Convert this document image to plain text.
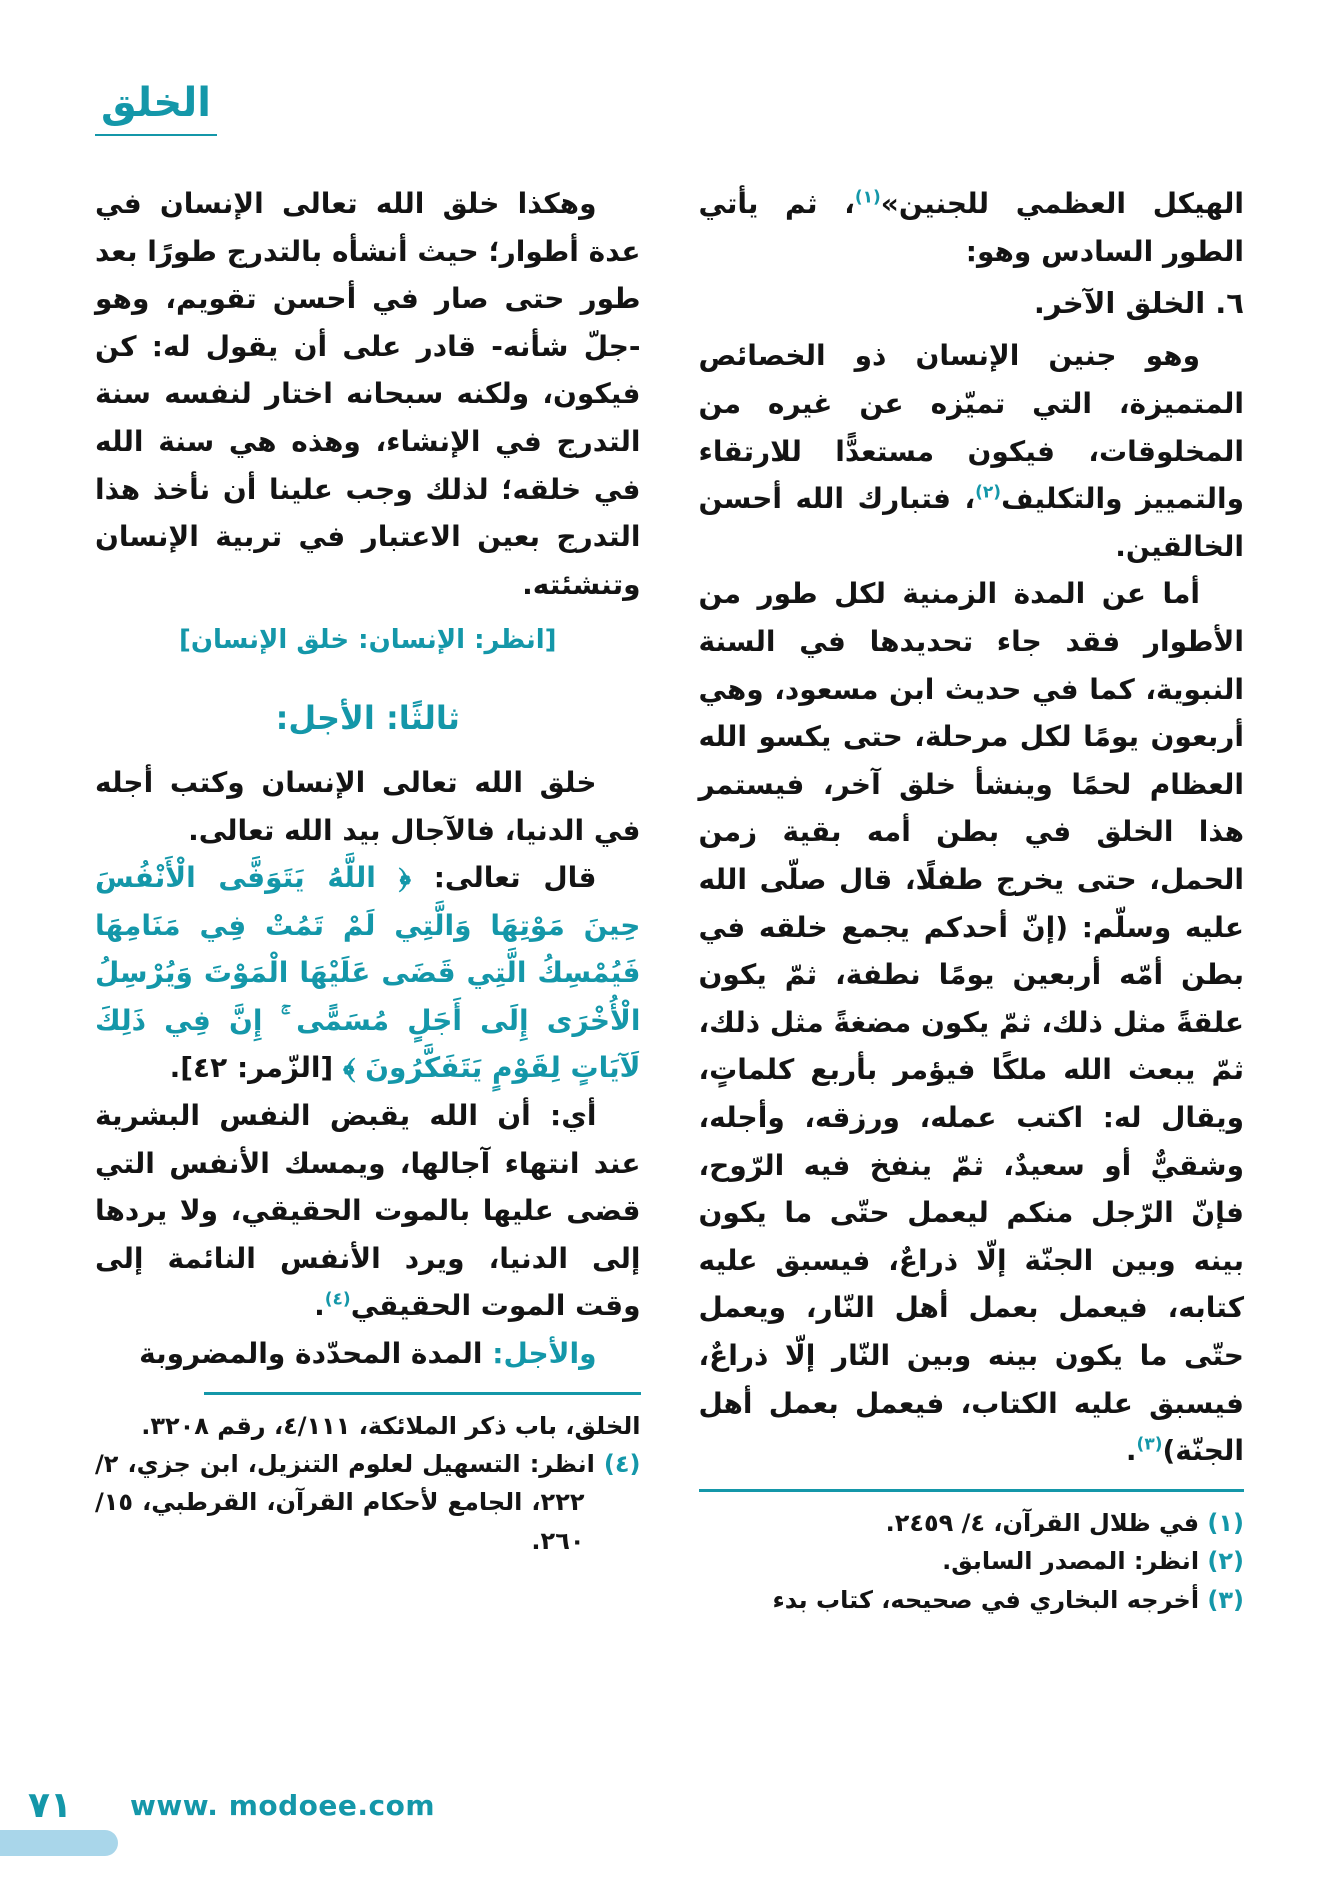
الخلق

الهيكل العظمي للجنين»$^{(١)}$، ثم يأتي الطور السادس وهو:

٦. الخلق الآخر.

وهو جنين الإنسان ذو الخصائص المتميزة، التي تميّزه عن غيره من المخلوقات، فيكون مستعدًّا للارتقاء والتمييز والتكليف$^{(٢)}$، فتبارك الله أحسن الخالقين.

أما عن المدة الزمنية لكل طور من الأطوار فقد جاء تحديدها في السنة النبوية، كما في حديث ابن مسعود، وهي أربعون يومًا لكل مرحلة، حتى يكسو الله العظام لحمًا وينشأ خلق آخر، فيستمر هذا الخلق في بطن أمه بقية زمن الحمل، حتى يخرج طفلًا، قال صلّى الله عليه وسلّم: (إنّ أحدكم يجمع خلقه في بطن أمّه أربعين يومًا نطفة، ثمّ يكون علقةً مثل ذلك، ثمّ يكون مضغةً مثل ذلك، ثمّ يبعث الله ملكًا فيؤمر بأربع كلماتٍ، ويقال له: اكتب عمله، ورزقه، وأجله، وشقيٌّ أو سعيدٌ، ثمّ ينفخ فيه الرّوح، فإنّ الرّجل منكم ليعمل حتّى ما يكون بينه وبين الجنّة إلّا ذراعٌ، فيسبق عليه كتابه، فيعمل بعمل أهل النّار، ويعمل حتّى ما يكون بينه وبين النّار إلّا ذراعٌ، فيسبق عليه الكتاب، فيعمل بعمل أهل الجنّة)$^{(٣)}$.

(١) في ظلال القرآن، ٤/ ٢٤٥٩.

(٢) انظر: المصدر السابق.

(٣) أخرجه البخاري في صحيحه، كتاب بدء

وهكذا خلق الله تعالى الإنسان في عدة أطوار؛ حيث أنشأه بالتدرج طورًا بعد طور حتى صار في أحسن تقويم، وهو -جلّ شأنه- قادر على أن يقول له: كن فيكون، ولكنه سبحانه اختار لنفسه سنة التدرج في الإنشاء، وهذه هي سنة الله في خلقه؛ لذلك وجب علينا أن نأخذ هذا التدرج بعين الاعتبار في تربية الإنسان وتنشئته.

[انظر: الإنسان: خلق الإنسان]

ثالثًا: الأجل:

خلق الله تعالى الإنسان وكتب أجله في الدنيا، فالآجال بيد الله تعالى.

قال تعالى: ﴿ اللَّهُ يَتَوَفَّى الْأَنْفُسَ حِينَ مَوْتِهَا وَالَّتِي لَمْ تَمُتْ فِي مَنَامِهَا فَيُمْسِكُ الَّتِي قَضَى عَلَيْهَا الْمَوْتَ وَيُرْسِلُ الْأُخْرَى إِلَى أَجَلٍ مُسَمًّى ۚ إِنَّ فِي ذَلِكَ لَآيَاتٍ لِقَوْمٍ يَتَفَكَّرُونَ ﴾ [الزّمر: ٤٢].

أي: أن الله يقبض النفس البشرية عند انتهاء آجالها، ويمسك الأنفس التي قضى عليها بالموت الحقيقي، ولا يردها إلى الدنيا، ويرد الأنفس النائمة إلى وقت الموت الحقيقي$^{(٤)}$.

والأجل: المدة المحدّدة والمضروبة

الخلق، باب ذكر الملائكة، ٤/١١١، رقم ٣٢٠٨.

(٤) انظر: التسهيل لعلوم التنزيل، ابن جزي، ٢/ ٢٢٢، الجامع لأحكام القرآن، القرطبي، ١٥/ ٢٦٠.

٧١ www. modoee.com
